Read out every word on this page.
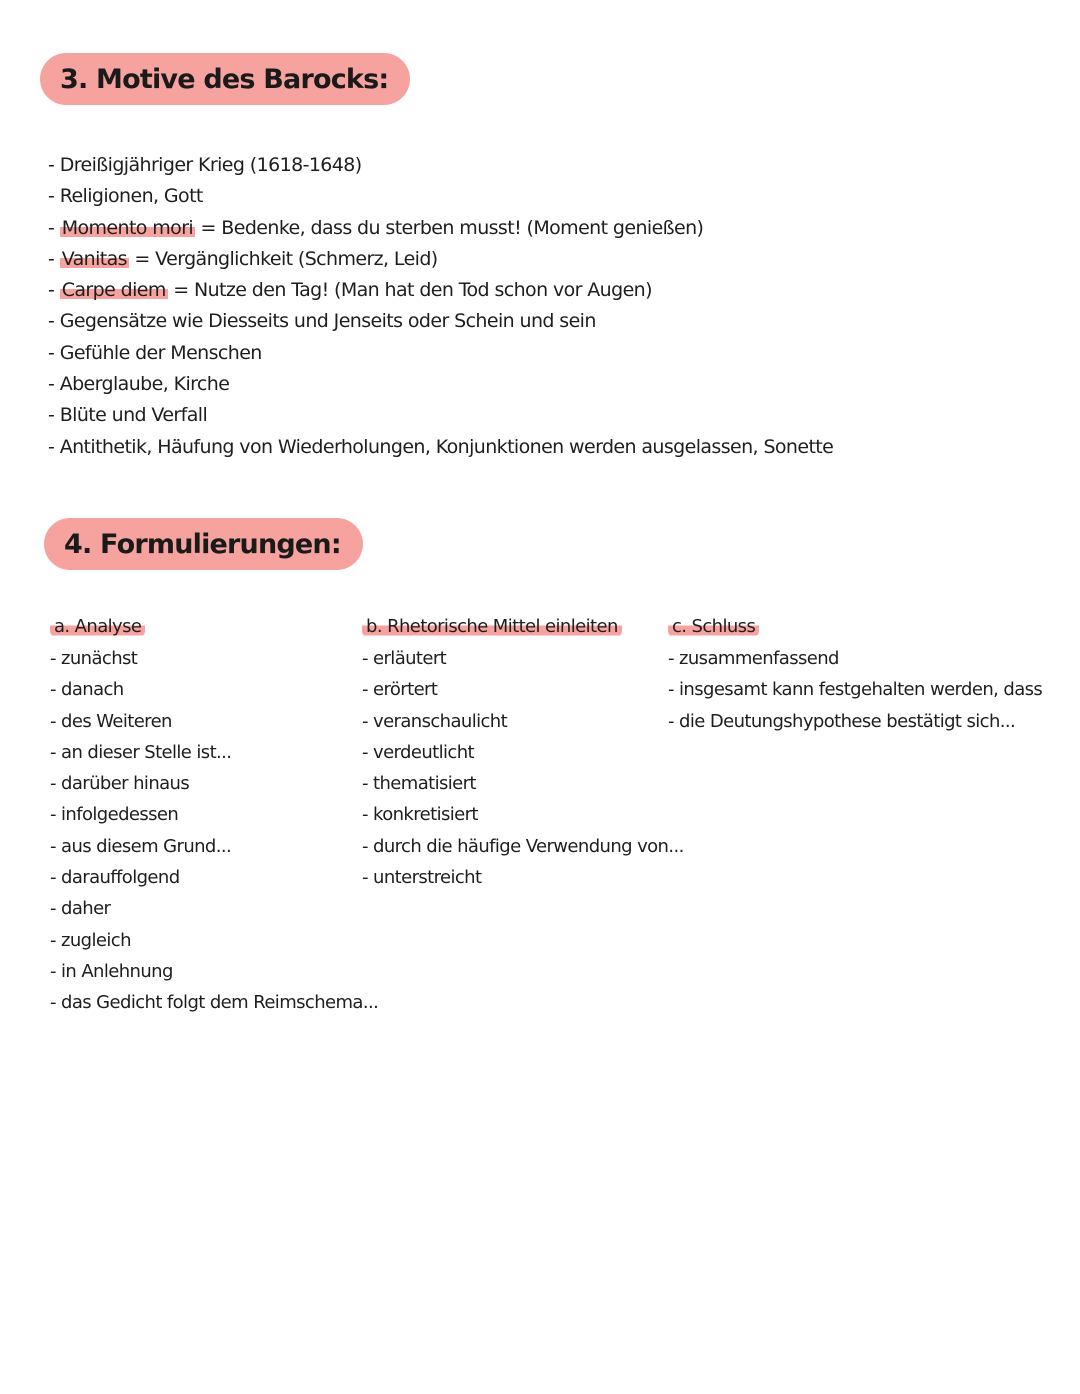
3. Motive des Barocks:
- Dreißigjähriger Krieg (1618-1648)
- Religionen, Gott
- Momento mori = Bedenke, dass du sterben musst! (Moment genießen)
- Vanitas = Vergänglichkeit (Schmerz, Leid)
- Carpe diem = Nutze den Tag! (Man hat den Tod schon vor Augen)
- Gegensätze wie Diesseits und Jenseits oder Schein und sein
- Gefühle der Menschen
- Aberglaube, Kirche
- Blüte und Verfall
- Antithetik, Häufung von Wiederholungen, Konjunktionen werden ausgelassen, Sonette
4. Formulierungen:
a. Analyse
- zunächst
- danach
- des Weiteren
- an dieser Stelle ist...
- darüber hinaus
- infolgedessen
- aus diesem Grund...
- darauffolgend
- daher
- zugleich
- in Anlehnung
- das Gedicht folgt dem Reimschema...
b. Rhetorische Mittel einleiten
- erläutert
- erörtert
- veranschaulicht
- verdeutlicht
- thematisiert
- konkretisiert
- durch die häufige Verwendung von...
- unterstreicht
c. Schluss
- zusammenfassend
- insgesamt kann festgehalten werden, dass
- die Deutungshypothese bestätigt sich...
